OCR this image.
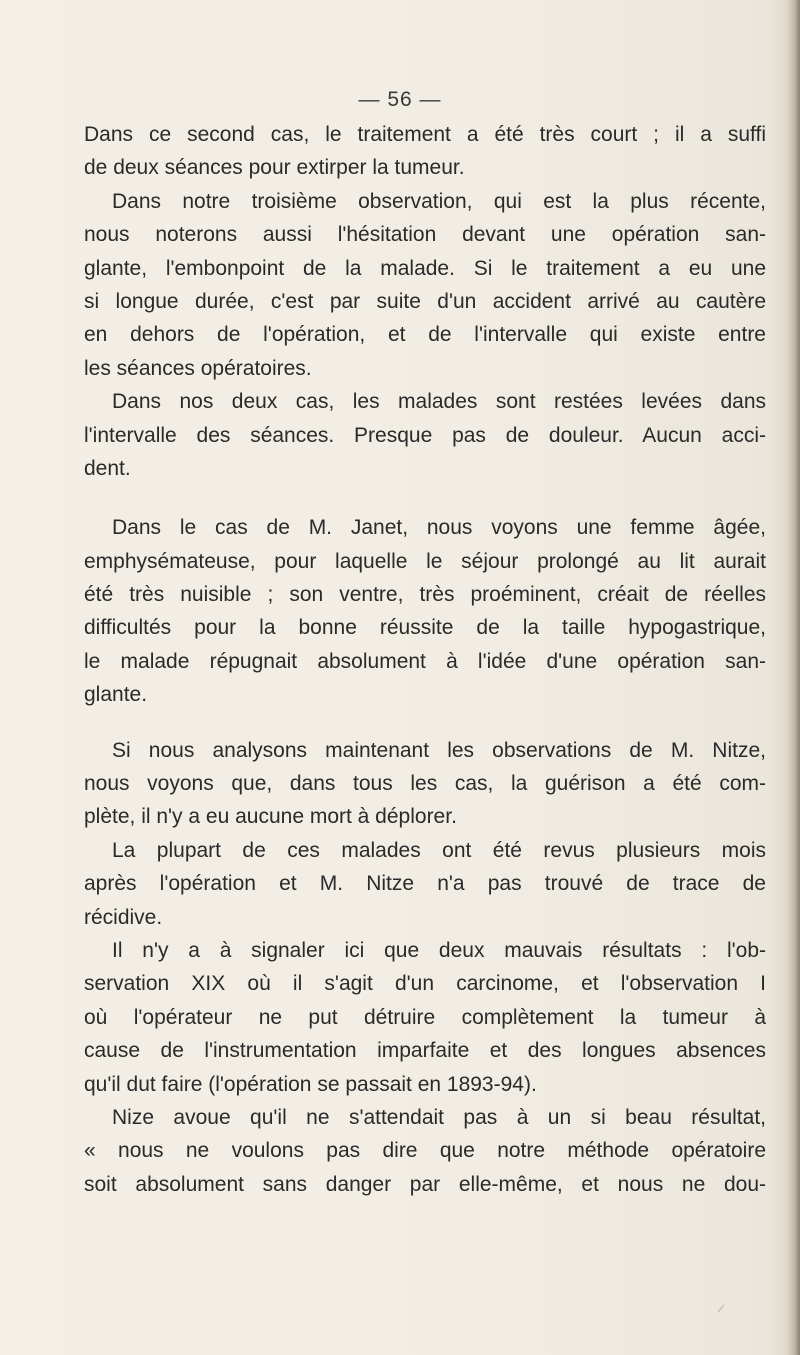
— 56 —
Dans ce second cas, le traitement a été très court ; il a suffi
de deux séances pour extirper la tumeur.
Dans notre troisième observation, qui est la plus récente,
nous noterons aussi l'hésitation devant une opération san-
glante, l'embonpoint de la malade. Si le traitement a eu une
si longue durée, c'est par suite d'un accident arrivé au cautère
en dehors de l'opération, et de l'intervalle qui existe entre
les séances opératoires.
Dans nos deux cas, les malades sont restées levées dans
l'intervalle des séances. Presque pas de douleur. Aucun acci-
dent.
Dans le cas de M. Janet, nous voyons une femme âgée,
emphysémateuse, pour laquelle le séjour prolongé au lit aurait
été très nuisible ; son ventre, très proéminent, créait de réelles
difficultés pour la bonne réussite de la taille hypogastrique,
le malade répugnait absolument à l'idée d'une opération san-
glante.
Si nous analysons maintenant les observations de M. Nitze,
nous voyons que, dans tous les cas, la guérison a été com-
plète, il n'y a eu aucune mort à déplorer.
La plupart de ces malades ont été revus plusieurs mois
après l'opération et M. Nitze n'a pas trouvé de trace de
récidive.
Il n'y a à signaler ici que deux mauvais résultats : l'ob-
servation XIX où il s'agit d'un carcinome, et l'observation I
où l'opérateur ne put détruire complètement la tumeur à
cause de l'instrumentation imparfaite et des longues absences
qu'il dut faire (l'opération se passait en 1893-94).
Nize avoue qu'il ne s'attendait pas à un si beau résultat,
« nous ne voulons pas dire que notre méthode opératoire
soit absolument sans danger par elle-même, et nous ne dou-
